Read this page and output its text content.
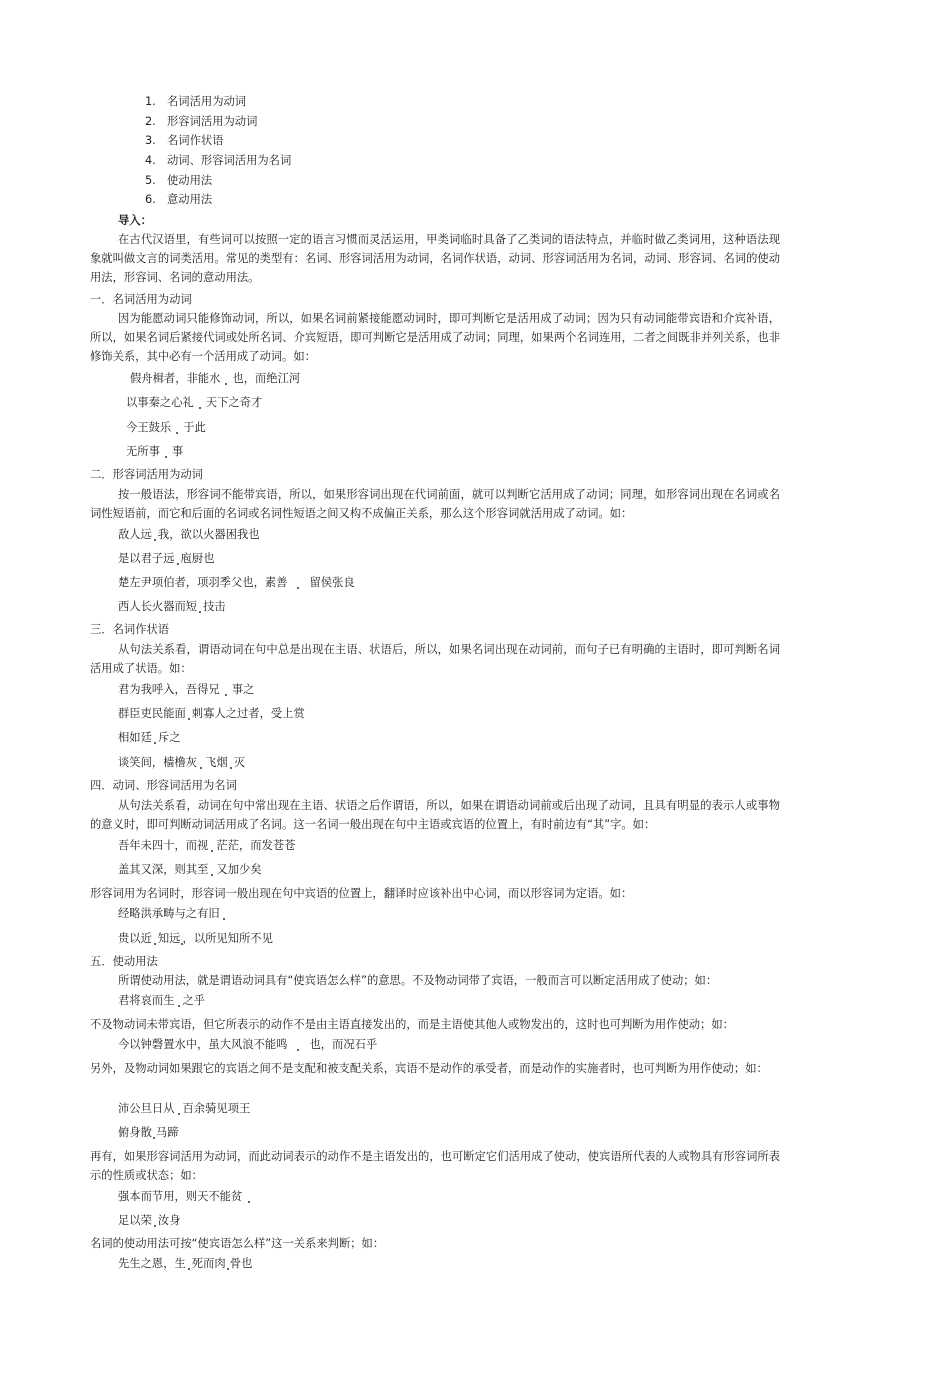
1. 名词活用为动词
2. 形容词活用为动词
3. 名词作状语
4. 动词、形容词活用为名词
5. 使动用法
6. 意动用法
导入：
在古代汉语里，有些词可以按照一定的语言习惯而灵活运用，甲类词临时具备了乙类词的语法特点，并临时做乙类词用，这种语法现象就叫做文言的词类活用。常见的类型有：名词、形容词活用为动词，名词作状语，动词、形容词活用为名词，动词、形容词、名词的使动用法，形容词、名词的意动用法。
一．名词活用为动词
因为能愿动词只能修饰动词，所以，如果名词前紧接能愿动词时，即可判断它是活用成了动词；因为只有动词能带宾语和介宾补语，所以，如果名词后紧接代词或处所名词、介宾短语，即可判断它是活用成了动词；同理，如果两个名词连用，二者之间既非并列关系，也非修饰关系，其中必有一个活用成了动词。如：
假舟楫者，非能水 也，而绝江河
以事秦之心礼 天下之奇才
今王鼓乐 于此
无所事 事
二．形容词活用为动词
按一般语法，形容词不能带宾语，所以，如果形容词出现在代词前面，就可以判断它活用成了动词；同理，如形容词出现在名词或名词性短语前，而它和后面的名词或名词性短语之间又构不成偏正关系，那么这个形容词就活用成了动词。如：
敌人远 我，欲以火器困我也
是以君子远 庖厨也
楚左尹项伯者，项羽季父也，素善 留侯张良
西人长火器而短 技击
三．名词作状语
从句法关系看，谓语动词在句中总是出现在主语、状语后，所以，如果名词出现在动词前，而句子已有明确的主语时，即可判断名词活用成了状语。如：
君为我呼入，吾得兄 事之
群臣吏民能面 刺寡人之过者，受上赏
相如廷 斥之
谈笑间，樯橹灰 飞烟 灭
四．动词、形容词活用为名词
从句法关系看，动词在句中常出现在主语、状语之后作谓语，所以，如果在谓语动词前或后出现了动词，且具有明显的表示人或事物的意义时，即可判断动词活用成了名词。这一名词一般出现在句中主语或宾语的位置上，有时前边有“其”字。如：
吾年未四十，而视 茫茫，而发苍苍
盖其又深，则其至 又加少矣
形容词用为名词时，形容词一般出现在句中宾语的位置上，翻译时应该补出中心词，而以形容词为定语。如：
经略洪承畴与之有旧
贵以近 知远 ，以所见知所不见
五．使动用法
所谓使动用法，就是谓语动词具有“使宾语怎么样”的意思。不及物动词带了宾语，一般而言可以断定活用成了使动；如：
君将哀而生 之乎
不及物动词未带宾语，但它所表示的动作不是由主语直接发出的，而是主语使其他人或物发出的，这时也可判断为用作使动；如：
今以钟磬置水中，虽大风浪不能鸣 也，而况石乎
另外，及物动词如果跟它的宾语之间不是支配和被支配关系，宾语不是动作的承受者，而是动作的实施者时，也可判断为用作使动；如：
沛公旦日从 百余骑见项王
俯身散 马蹄
再有，如果形容词活用为动词，而此动词表示的动作不是主语发出的，也可断定它们活用成了使动，使宾语所代表的人或物具有形容词所表示的性质或状态；如：
强本而节用，则天不能贫
足以荣 汝身
名词的使动用法可按“使宾语怎么样”这一关系来判断；如：
先生之恩，生 死而肉 骨也
